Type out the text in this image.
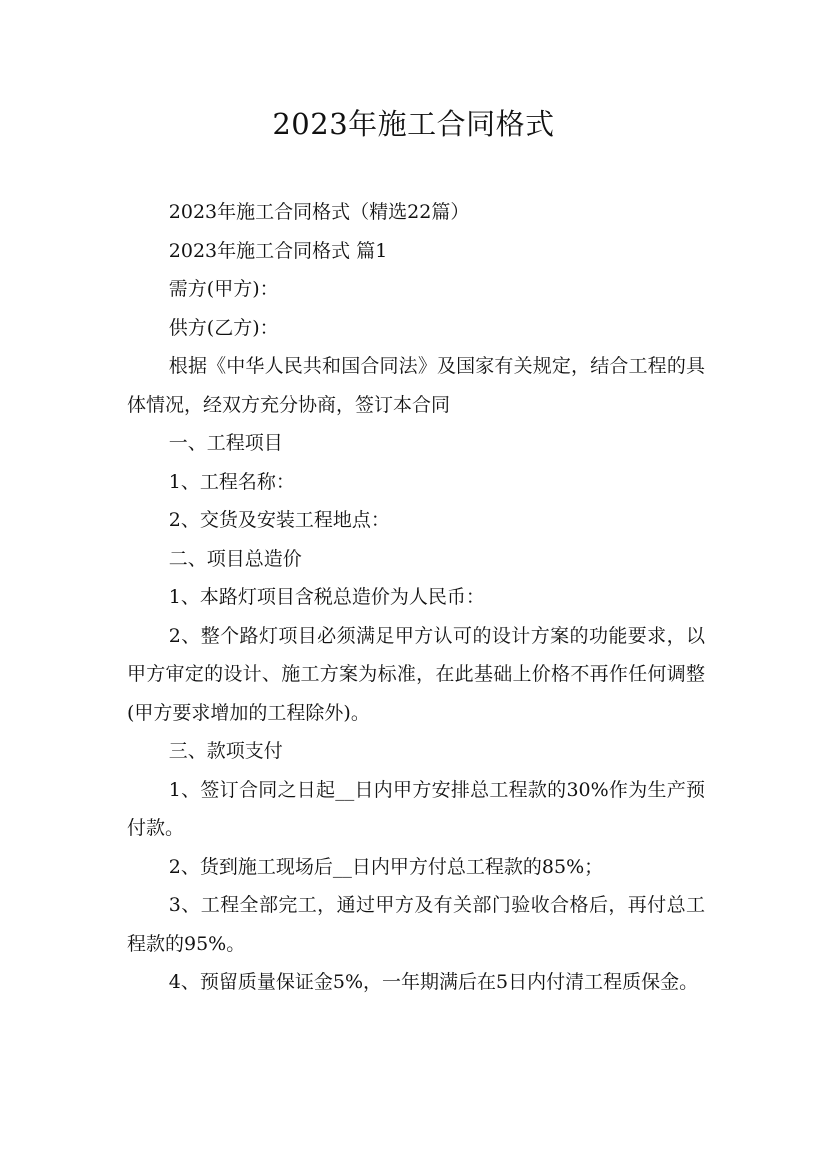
2023年施工合同格式

2023年施工合同格式（精选22篇）

2023年施工合同格式 篇1

需方(甲方)：

供方(乙方)：

根据《中华人民共和国合同法》及国家有关规定，结合工程的具体情况，经双方充分协商，签订本合同

一、工程项目

1、工程名称：

2、交货及安装工程地点：

二、项目总造价

1、本路灯项目含税总造价为人民币：

2、整个路灯项目必须满足甲方认可的设计方案的功能要求，以甲方审定的设计、施工方案为标准，在此基础上价格不再作任何调整(甲方要求增加的工程除外)。

三、款项支付

1、签订合同之日起__日内甲方安排总工程款的30%作为生产预付款。

2、货到施工现场后__日内甲方付总工程款的85%；

3、工程全部完工，通过甲方及有关部门验收合格后，再付总工程款的95%。

4、预留质量保证金5%，一年期满后在5日内付清工程质保金。
